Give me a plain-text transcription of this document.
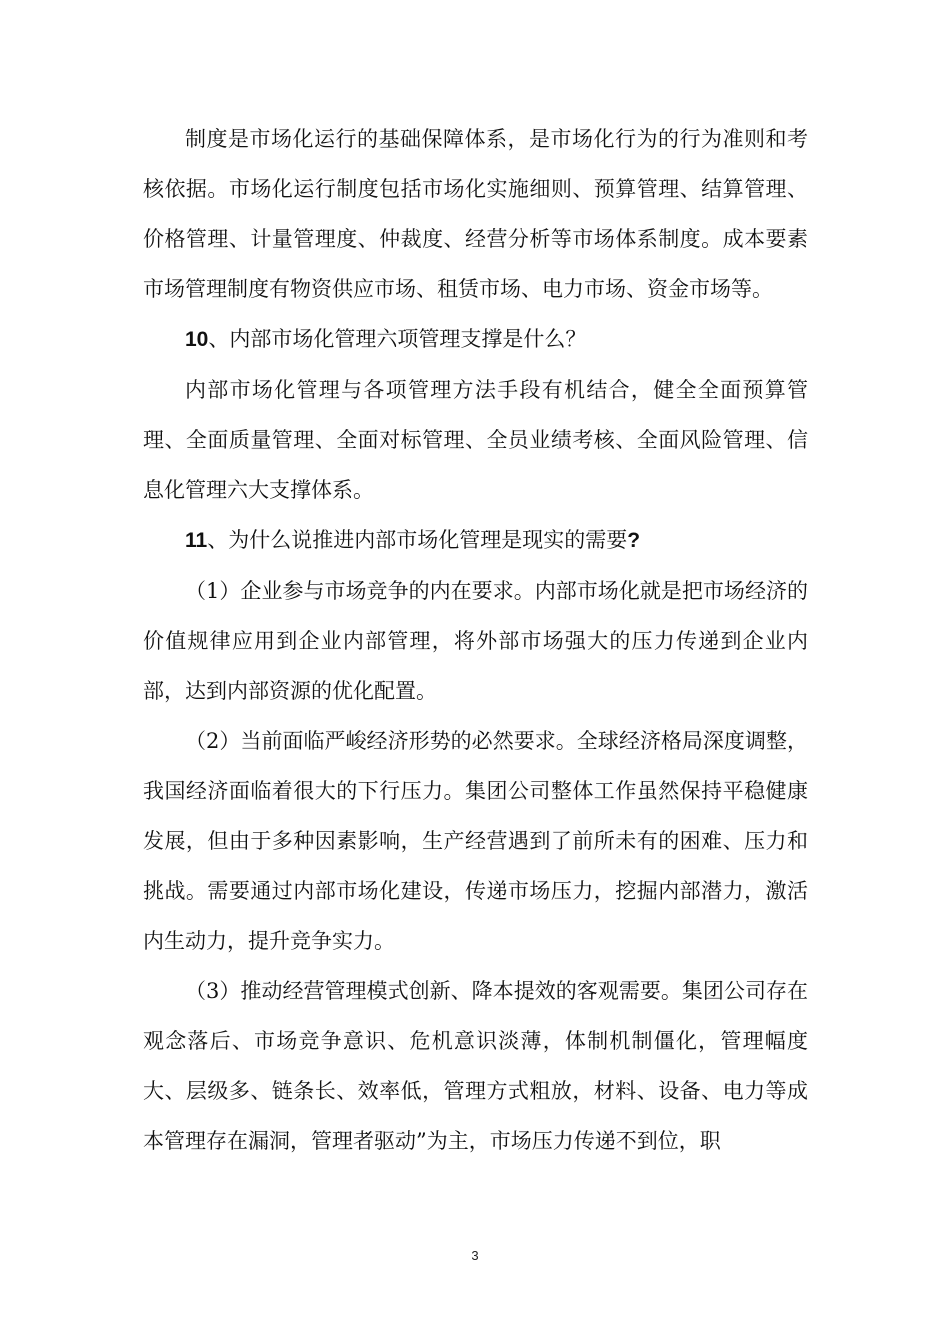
制度是市场化运行的基础保障体系，是市场化行为的行为准则和考核依据。市场化运行制度包括市场化实施细则、预算管理、结算管理、价格管理、计量管理度、仲裁度、经营分析等市场体系制度。成本要素市场管理制度有物资供应市场、租赁市场、电力市场、资金市场等。

10、内部市场化管理六项管理支撑是什么？

内部市场化管理与各项管理方法手段有机结合，健全全面预算管理、全面质量管理、全面对标管理、全员业绩考核、全面风险管理、信息化管理六大支撑体系。

11、为什么说推进内部市场化管理是现实的需要?

（1）企业参与市场竞争的内在要求。内部市场化就是把市场经济的价值规律应用到企业内部管理，将外部市场强大的压力传递到企业内部，达到内部资源的优化配置。

（2）当前面临严峻经济形势的必然要求。全球经济格局深度调整，我国经济面临着很大的下行压力。集团公司整体工作虽然保持平稳健康发展，但由于多种因素影响，生产经营遇到了前所未有的困难、压力和挑战。需要通过内部市场化建设，传递市场压力，挖掘内部潜力，激活内生动力，提升竞争实力。

（3）推动经营管理模式创新、降本提效的客观需要。集团公司存在观念落后、市场竞争意识、危机意识淡薄，体制机制僵化，管理幅度大、层级多、链条长、效率低，管理方式粗放，材料、设备、电力等成本管理存在漏洞，管理者驱动”为主，市场压力传递不到位，职

3
